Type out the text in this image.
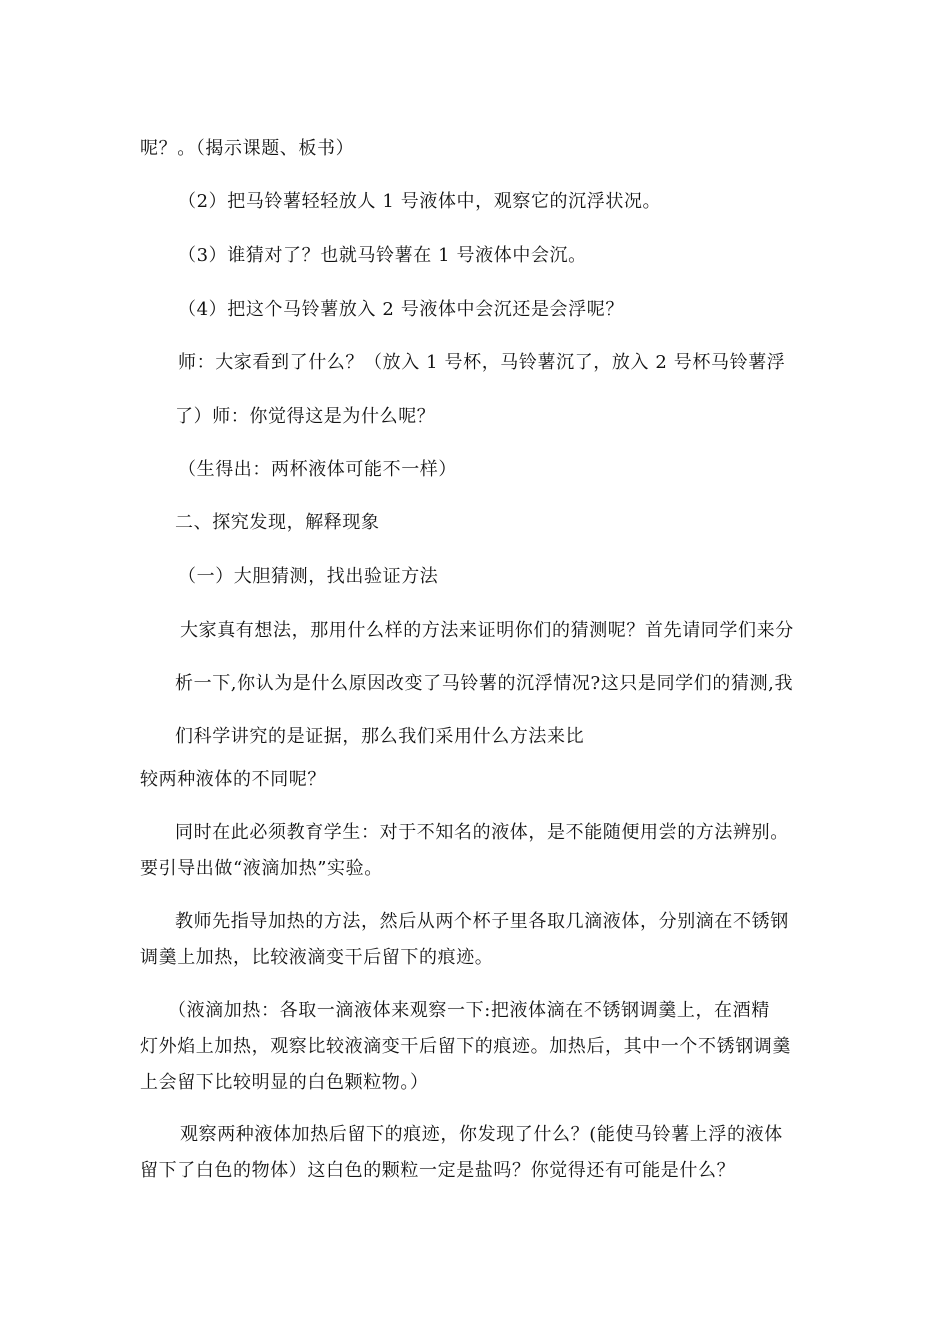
呢？。（揭示课题、板书）
（2）把马铃薯轻轻放人 1 号液体中，观察它的沉浮状况。
（3）谁猜对了？也就马铃薯在 1 号液体中会沉。
（4）把这个马铃薯放入 2 号液体中会沉还是会浮呢？
师：大家看到了什么？（放入 1 号杯，马铃薯沉了，放入 2 号杯马铃薯浮
了）师：你觉得这是为什么呢？
（生得出：两杯液体可能不一样）
二、探究发现，解释现象
（一）大胆猜测，找出验证方法
大家真有想法，那用什么样的方法来证明你们的猜测呢？首先请同学们来分
析一下,你认为是什么原因改变了马铃薯的沉浮情况?这只是同学们的猜测,我
们科学讲究的是证据，那么我们采用什么方法来比
较两种液体的不同呢？
同时在此必须教育学生：对于不知名的液体，是不能随便用尝的方法辨别。
要引导出做“液滴加热”实验。
教师先指导加热的方法，然后从两个杯子里各取几滴液体，分别滴在不锈钢
调羹上加热，比较液滴变干后留下的痕迹。
（液滴加热：各取一滴液体来观察一下:把液体滴在不锈钢调羹上，在酒精
灯外焰上加热，观察比较液滴变干后留下的痕迹。加热后，其中一个不锈钢调羹
上会留下比较明显的白色颗粒物。）
观察两种液体加热后留下的痕迹，你发现了什么？(能使马铃薯上浮的液体
留下了白色的物体）这白色的颗粒一定是盐吗？你觉得还有可能是什么？
